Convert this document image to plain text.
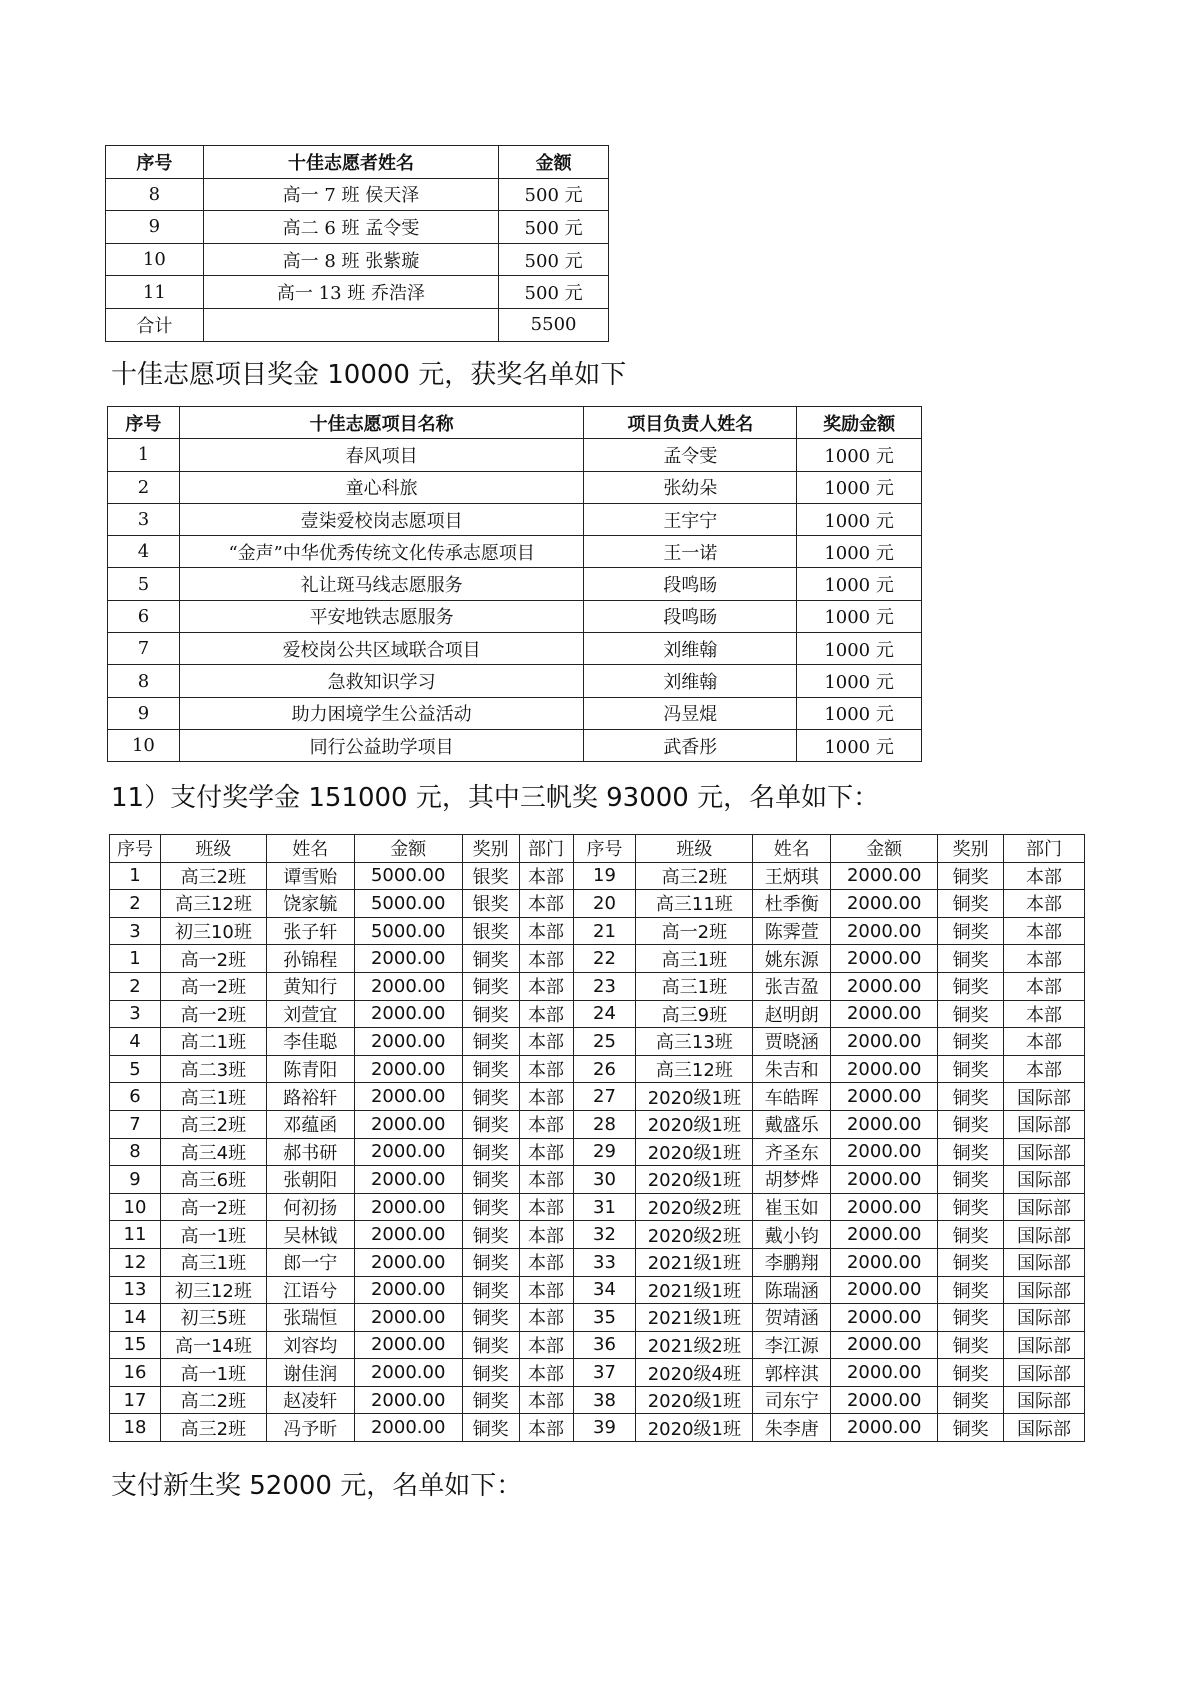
序号	十佳志愿者姓名	金额
8	高一 7 班 侯天泽	500 元
9	高二 6 班 孟令雯	500 元
10	高一 8 班 张紫璇	500 元
11	高一 13 班 乔浩泽	500 元
合计		5500
十佳志愿项目奖金 10000 元，获奖名单如下
序号	十佳志愿项目名称	项目负责人姓名	奖励金额
1	春风项目	孟令雯	1000 元
2	童心科旅	张幼朵	1000 元
3	壹柒爱校岗志愿项目	王宇宁	1000 元
4	“金声”中华优秀传统文化传承志愿项目	王一诺	1000 元
5	礼让斑马线志愿服务	段鸣旸	1000 元
6	平安地铁志愿服务	段鸣旸	1000 元
7	爱校岗公共区域联合项目	刘维翰	1000 元
8	急救知识学习	刘维翰	1000 元
9	助力困境学生公益活动	冯昱焜	1000 元
10	同行公益助学项目	武香彤	1000 元
11）支付奖学金 151000 元，其中三帆奖 93000 元，名单如下：
序号	班级	姓名	金额	奖别	部门	序号	班级	姓名	金额	奖别	部门
1	高三2班	谭雪贻	5000.00	银奖	本部	19	高三2班	王炳琪	2000.00	铜奖	本部
2	高三12班	饶家毓	5000.00	银奖	本部	20	高三11班	杜季衡	2000.00	铜奖	本部
3	初三10班	张子轩	5000.00	银奖	本部	21	高一2班	陈霁萱	2000.00	铜奖	本部
1	高一2班	孙锦程	2000.00	铜奖	本部	22	高三1班	姚东源	2000.00	铜奖	本部
2	高一2班	黄知行	2000.00	铜奖	本部	23	高三1班	张吉盈	2000.00	铜奖	本部
3	高一2班	刘萱宜	2000.00	铜奖	本部	24	高三9班	赵明朗	2000.00	铜奖	本部
4	高二1班	李佳聪	2000.00	铜奖	本部	25	高三13班	贾晓涵	2000.00	铜奖	本部
5	高二3班	陈青阳	2000.00	铜奖	本部	26	高三12班	朱吉和	2000.00	铜奖	本部
6	高三1班	路裕轩	2000.00	铜奖	本部	27	2020级1班	车皓晖	2000.00	铜奖	国际部
7	高三2班	邓蕴函	2000.00	铜奖	本部	28	2020级1班	戴盛乐	2000.00	铜奖	国际部
8	高三4班	郝书研	2000.00	铜奖	本部	29	2020级1班	齐圣东	2000.00	铜奖	国际部
9	高三6班	张朝阳	2000.00	铜奖	本部	30	2020级1班	胡梦烨	2000.00	铜奖	国际部
10	高一2班	何初扬	2000.00	铜奖	本部	31	2020级2班	崔玉如	2000.00	铜奖	国际部
11	高一1班	吴林钺	2000.00	铜奖	本部	32	2020级2班	戴小钧	2000.00	铜奖	国际部
12	高三1班	郎一宁	2000.00	铜奖	本部	33	2021级1班	李鹏翔	2000.00	铜奖	国际部
13	初三12班	江语兮	2000.00	铜奖	本部	34	2021级1班	陈瑞涵	2000.00	铜奖	国际部
14	初三5班	张瑞恒	2000.00	铜奖	本部	35	2021级1班	贺靖涵	2000.00	铜奖	国际部
15	高一14班	刘容均	2000.00	铜奖	本部	36	2021级2班	李江源	2000.00	铜奖	国际部
16	高一1班	谢佳润	2000.00	铜奖	本部	37	2020级4班	郭梓淇	2000.00	铜奖	国际部
17	高二2班	赵凌轩	2000.00	铜奖	本部	38	2020级1班	司东宁	2000.00	铜奖	国际部
18	高三2班	冯予昕	2000.00	铜奖	本部	39	2020级1班	朱李唐	2000.00	铜奖	国际部
支付新生奖 52000 元，名单如下：
